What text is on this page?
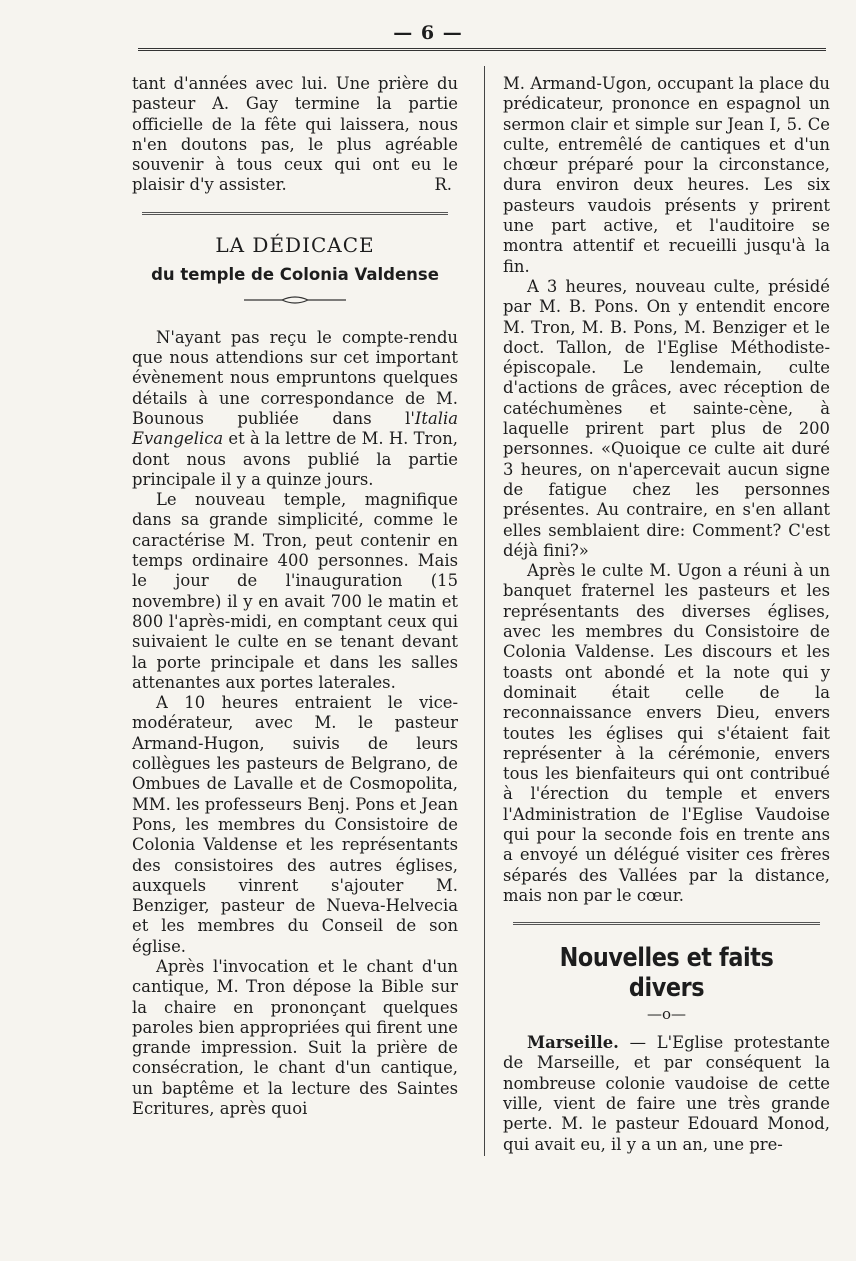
— 6 —

tant d'années avec lui. Une prière du pasteur A. Gay termine la partie officielle de la fête qui laissera, nous n'en doutons pas, le plus agréable souvenir à tous ceux qui ont eu le plaisir d'y assister.	R.

LA DÉDICACE
du temple de Colonia Valdense

N'ayant pas reçu le compte-rendu que nous attendions sur cet important évènement nous empruntons quelques détails à une correspondance de M. Bounous publiée dans l'Italia Evangelica et à la lettre de M. H. Tron, dont nous avons publié la partie principale il y a quinze jours.

Le nouveau temple, magnifique dans sa grande simplicité, comme le caractérise M. Tron, peut contenir en temps ordinaire 400 personnes. Mais le jour de l'inauguration (15 novembre) il y en avait 700 le matin et 800 l'après-midi, en comptant ceux qui suivaient le culte en se tenant devant la porte principale et dans les salles attenantes aux portes laterales.

A 10 heures entraient le vice-modérateur, avec M. le pasteur Armand-Hugon, suivis de leurs collègues les pasteurs de Belgrano, de Ombues de Lavalle et de Cosmopolita, MM. les professeurs Benj. Pons et Jean Pons, les membres du Consistoire de Colonia Valdense et les représentants des consistoires des autres églises, auxquels vinrent s'ajouter M. Benziger, pasteur de Nueva-Helvecia et les membres du Conseil de son église.

Après l'invocation et le chant d'un cantique, M. Tron dépose la Bible sur la chaire en prononçant quelques paroles bien appropriées qui firent une grande impression. Suit la prière de consécration, le chant d'un cantique, un baptême et la lecture des Saintes Ecritures, après quoi

M. Armand-Ugon, occupant la place du prédicateur, prononce en espagnol un sermon clair et simple sur Jean I, 5. Ce culte, entremêlé de cantiques et d'un chœur préparé pour la circonstance, dura environ deux heures. Les six pasteurs vaudois présents y prirent une part active, et l'auditoire se montra attentif et recueilli jusqu'à la fin.

A 3 heures, nouveau culte, présidé par M. B. Pons. On y entendit encore M. Tron, M. B. Pons, M. Benziger et le doct. Tallon, de l'Eglise Méthodiste-épiscopale. Le lendemain, culte d'actions de grâces, avec réception de catéchumènes et sainte-cène, à laquelle prirent part plus de 200 personnes. «Quoique ce culte ait duré 3 heures, on n'apercevait aucun signe de fatigue chez les personnes présentes. Au contraire, en s'en allant elles semblaient dire: Comment? C'est déjà fini?»

Après le culte M. Ugon a réuni à un banquet fraternel les pasteurs et les représentants des diverses églises, avec les membres du Consistoire de Colonia Valdense. Les discours et les toasts ont abondé et la note qui y dominait était celle de la reconnaissance envers Dieu, envers toutes les églises qui s'étaient fait représenter à la cérémonie, envers tous les bienfaiteurs qui ont contribué à l'érection du temple et envers l'Administration de l'Eglise Vaudoise qui pour la seconde fois en trente ans a envoyé un délégué visiter ces frères séparés des Vallées par la distance, mais non par le cœur.

Nouvelles et faits divers
—o—

Marseille. — L'Eglise protestante de Marseille, et par conséquent la nombreuse colonie vaudoise de cette ville, vient de faire une très grande perte. M. le pasteur Edouard Monod, qui avait eu, il y a un an, une pre-
